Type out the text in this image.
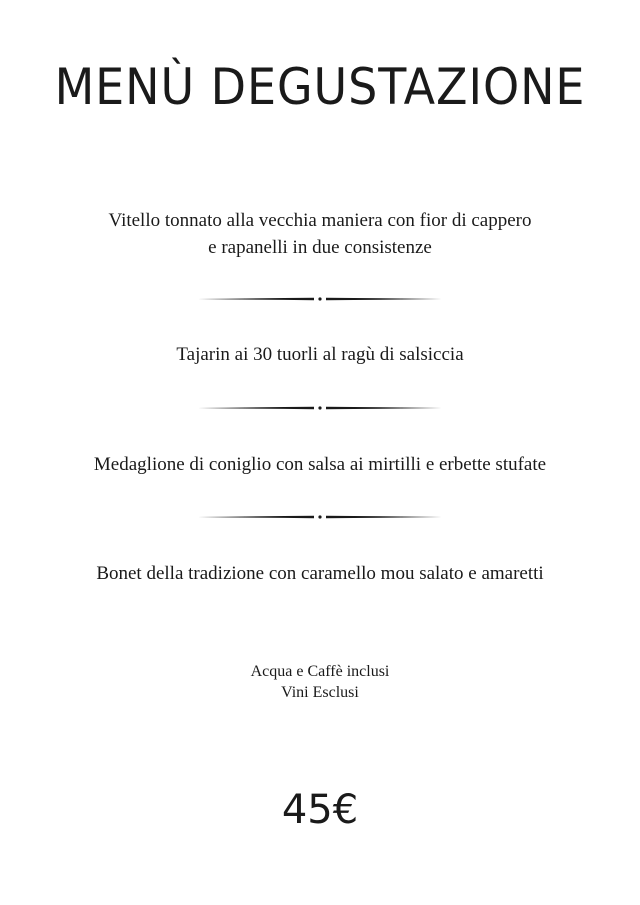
MENÙ DEGUSTAZIONE
Vitello tonnato alla vecchia maniera con fior di cappero
e rapanelli in due consistenze
Tajarin ai 30 tuorli al ragù di salsiccia
Medaglione di coniglio con salsa ai mirtilli e erbette stufate
Bonet della tradizione con caramello mou salato e amaretti
Acqua e Caffè inclusi
Vini Esclusi
45€
